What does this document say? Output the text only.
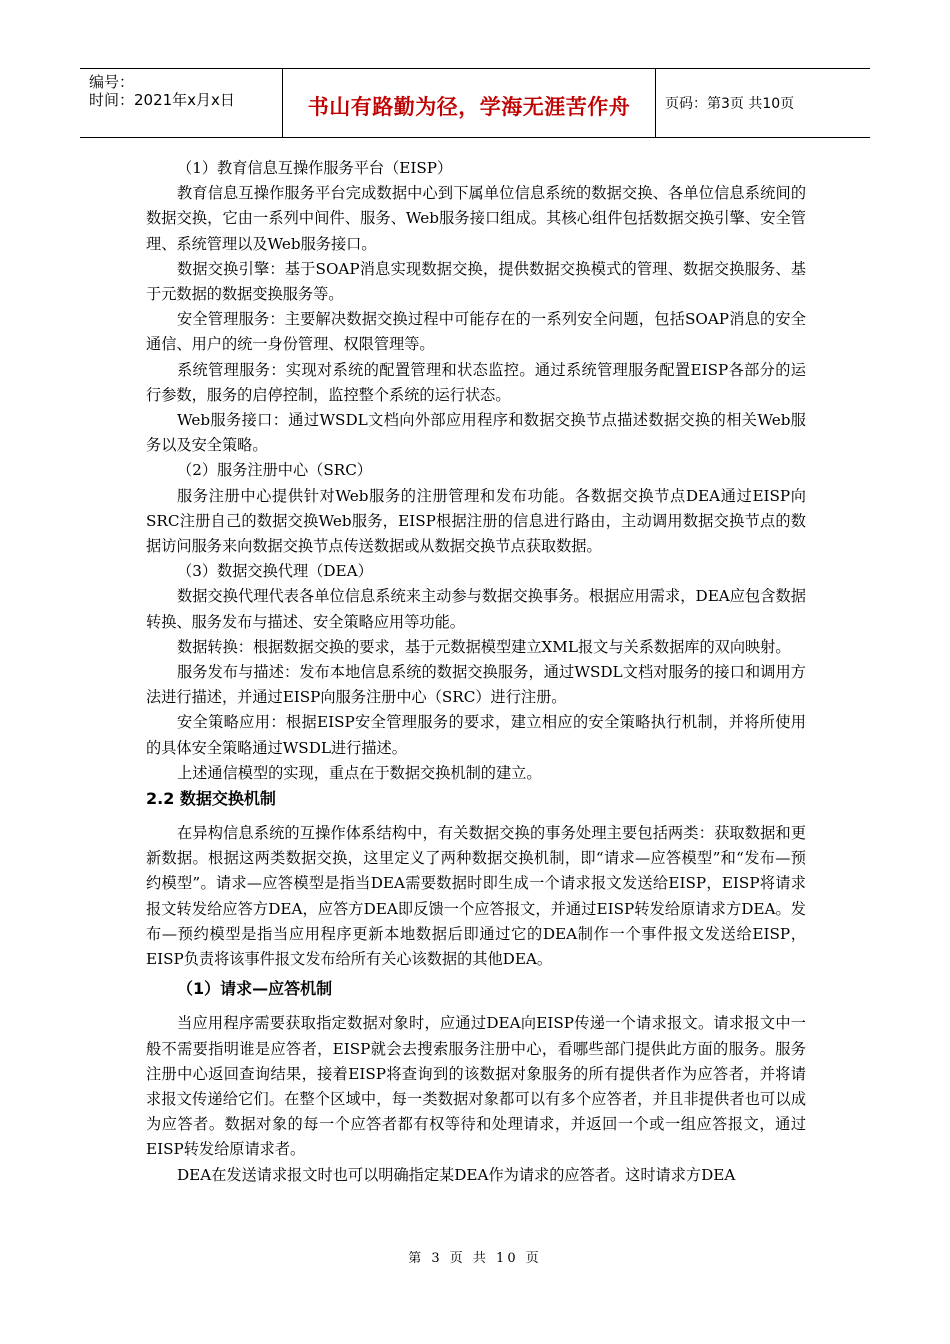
编号：
时间：2021年x月x日	书山有路勤为径，学海无涯苦作舟	页码：第3页 共10页

（1）教育信息互操作服务平台（EISP）

教育信息互操作服务平台完成数据中心到下属单位信息系统的数据交换、各单位信息系统间的数据交换，它由一系列中间件、服务、Web服务接口组成。其核心组件包括数据交换引擎、安全管理、系统管理以及Web服务接口。

数据交换引擎：基于SOAP消息实现数据交换，提供数据交换模式的管理、数据交换服务、基于元数据的数据变换服务等。

安全管理服务：主要解决数据交换过程中可能存在的一系列安全问题，包括SOAP消息的安全通信、用户的统一身份管理、权限管理等。

系统管理服务：实现对系统的配置管理和状态监控。通过系统管理服务配置EISP各部分的运行参数，服务的启停控制，监控整个系统的运行状态。

Web服务接口：通过WSDL文档向外部应用程序和数据交换节点描述数据交换的相关Web服务以及安全策略。

（2）服务注册中心（SRC）

服务注册中心提供针对Web服务的注册管理和发布功能。各数据交换节点DEA通过EISP向SRC注册自己的数据交换Web服务，EISP根据注册的信息进行路由，主动调用数据交换节点的数据访问服务来向数据交换节点传送数据或从数据交换节点获取数据。

（3）数据交换代理（DEA）

数据交换代理代表各单位信息系统来主动参与数据交换事务。根据应用需求，DEA应包含数据转换、服务发布与描述、安全策略应用等功能。

数据转换：根据数据交换的要求，基于元数据模型建立XML报文与关系数据库的双向映射。

服务发布与描述：发布本地信息系统的数据交换服务，通过WSDL文档对服务的接口和调用方法进行描述，并通过EISP向服务注册中心（SRC）进行注册。

安全策略应用：根据EISP安全管理服务的要求，建立相应的安全策略执行机制，并将所使用的具体安全策略通过WSDL进行描述。

上述通信模型的实现，重点在于数据交换机制的建立。

2.2 数据交换机制

在异构信息系统的互操作体系结构中，有关数据交换的事务处理主要包括两类：获取数据和更新数据。根据这两类数据交换，这里定义了两种数据交换机制，即“请求—应答模型”和“发布—预约模型”。请求—应答模型是指当DEA需要数据时即生成一个请求报文发送给EISP，EISP将请求报文转发给应答方DEA，应答方DEA即反馈一个应答报文，并通过EISP转发给原请求方DEA。发布—预约模型是指当应用程序更新本地数据后即通过它的DEA制作一个事件报文发送给EISP，EISP负责将该事件报文发布给所有关心该数据的其他DEA。

（1）请求—应答机制

当应用程序需要获取指定数据对象时，应通过DEA向EISP传递一个请求报文。请求报文中一般不需要指明谁是应答者，EISP就会去搜索服务注册中心，看哪些部门提供此方面的服务。服务注册中心返回查询结果，接着EISP将查询到的该数据对象服务的所有提供者作为应答者，并将请求报文传递给它们。在整个区域中，每一类数据对象都可以有多个应答者，并且非提供者也可以成为应答者。数据对象的每一个应答者都有权等待和处理请求，并返回一个或一组应答报文，通过EISP转发给原请求者。

DEA在发送请求报文时也可以明确指定某DEA作为请求的应答者。这时请求方DEA

第 3 页 共 10 页
